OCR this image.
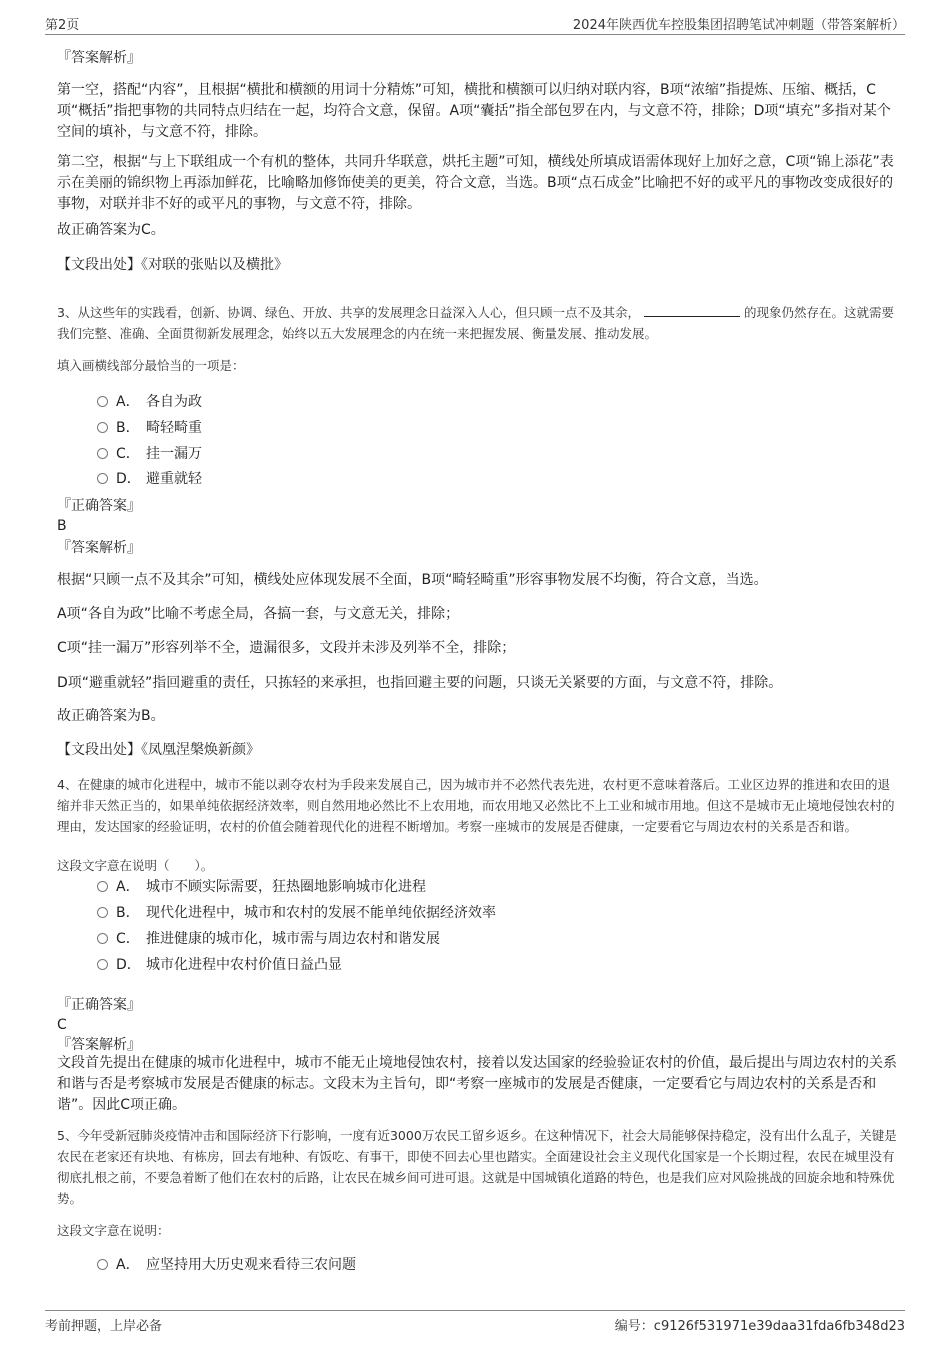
第2页	2024年陕西优车控股集团招聘笔试冲刺题（带答案解析）
『答案解析』
第一空，搭配“内容”，且根据“横批和横额的用词十分精炼”可知，横批和横额可以归纳对联内容，B项“浓缩”指提炼、压缩、概括，C项“概括”指把事物的共同特点归结在一起，均符合文意，保留。A项“囊括”指全部包罗在内，与文意不符，排除；D项“填充”多指对某个空间的填补，与文意不符，排除。
第二空，根据“与上下联组成一个有机的整体，共同升华联意，烘托主题”可知，横线处所填成语需体现好上加好之意，C项“锦上添花”表示在美丽的锦织物上再添加鲜花，比喻略加修饰使美的更美，符合文意，当选。B项“点石成金”比喻把不好的或平凡的事物改变成很好的事物，对联并非不好的或平凡的事物，与文意不符，排除。
故正确答案为C。
【文段出处】《对联的张贴以及横批》
3、从这些年的实践看，创新、协调、绿色、开放、共享的发展理念日益深入人心，但只顾一点不及其余，	的现象仍然存在。这就需要我们完整、准确、全面贯彻新发展理念，始终以五大发展理念的内在统一来把握发展、衡量发展、推动发展。
填入画横线部分最恰当的一项是：
A． 各自为政
B． 畸轻畸重
C． 挂一漏万
D． 避重就轻
『正确答案』
B
『答案解析』
根据“只顾一点不及其余”可知，横线处应体现发展不全面，B项“畸轻畸重”形容事物发展不均衡，符合文意，当选。
A项“各自为政”比喻不考虑全局，各搞一套，与文意无关，排除；
C项“挂一漏万”形容列举不全，遗漏很多，文段并未涉及列举不全，排除；
D项“避重就轻”指回避重的责任，只拣轻的来承担，也指回避主要的问题，只谈无关紧要的方面，与文意不符，排除。
故正确答案为B。
【文段出处】《凤凰涅槃焕新颜》
4、在健康的城市化进程中，城市不能以剥夺农村为手段来发展自己，因为城市并不必然代表先进，农村更不意味着落后。工业区边界的推进和农田的退缩并非天然正当的，如果单纯依据经济效率，则自然用地必然比不上农用地，而农用地又必然比不上工业和城市用地。但这不是城市无止境地侵蚀农村的理由，发达国家的经验证明，农村的价值会随着现代化的进程不断增加。考察一座城市的发展是否健康，一定要看它与周边农村的关系是否和谐。
这段文字意在说明（　　）。
A． 城市不顾实际需要，狂热圈地影响城市化进程
B． 现代化进程中，城市和农村的发展不能单纯依据经济效率
C． 推进健康的城市化，城市需与周边农村和谐发展
D． 城市化进程中农村价值日益凸显
『正确答案』
C
『答案解析』
文段首先提出在健康的城市化进程中，城市不能无止境地侵蚀农村，接着以发达国家的经验验证农村的价值，最后提出与周边农村的关系和谐与否是考察城市发展是否健康的标志。文段末为主旨句，即“考察一座城市的发展是否健康，一定要看它与周边农村的关系是否和谐”。因此C项正确。
5、今年受新冠肺炎疫情冲击和国际经济下行影响，一度有近3000万农民工留乡返乡。在这种情况下，社会大局能够保持稳定，没有出什么乱子，关键是农民在老家还有块地、有栋房，回去有地种、有饭吃、有事干，即使不回去心里也踏实。全面建设社会主义现代化国家是一个长期过程，农民在城里没有彻底扎根之前，不要急着断了他们在农村的后路，让农民在城乡间可进可退。这就是中国城镇化道路的特色，也是我们应对风险挑战的回旋余地和特殊优势。
这段文字意在说明：
A． 应坚持用大历史观来看待三农问题
考前押题，上岸必备	编号：c9126f531971e39daa31fda6fb348d23
